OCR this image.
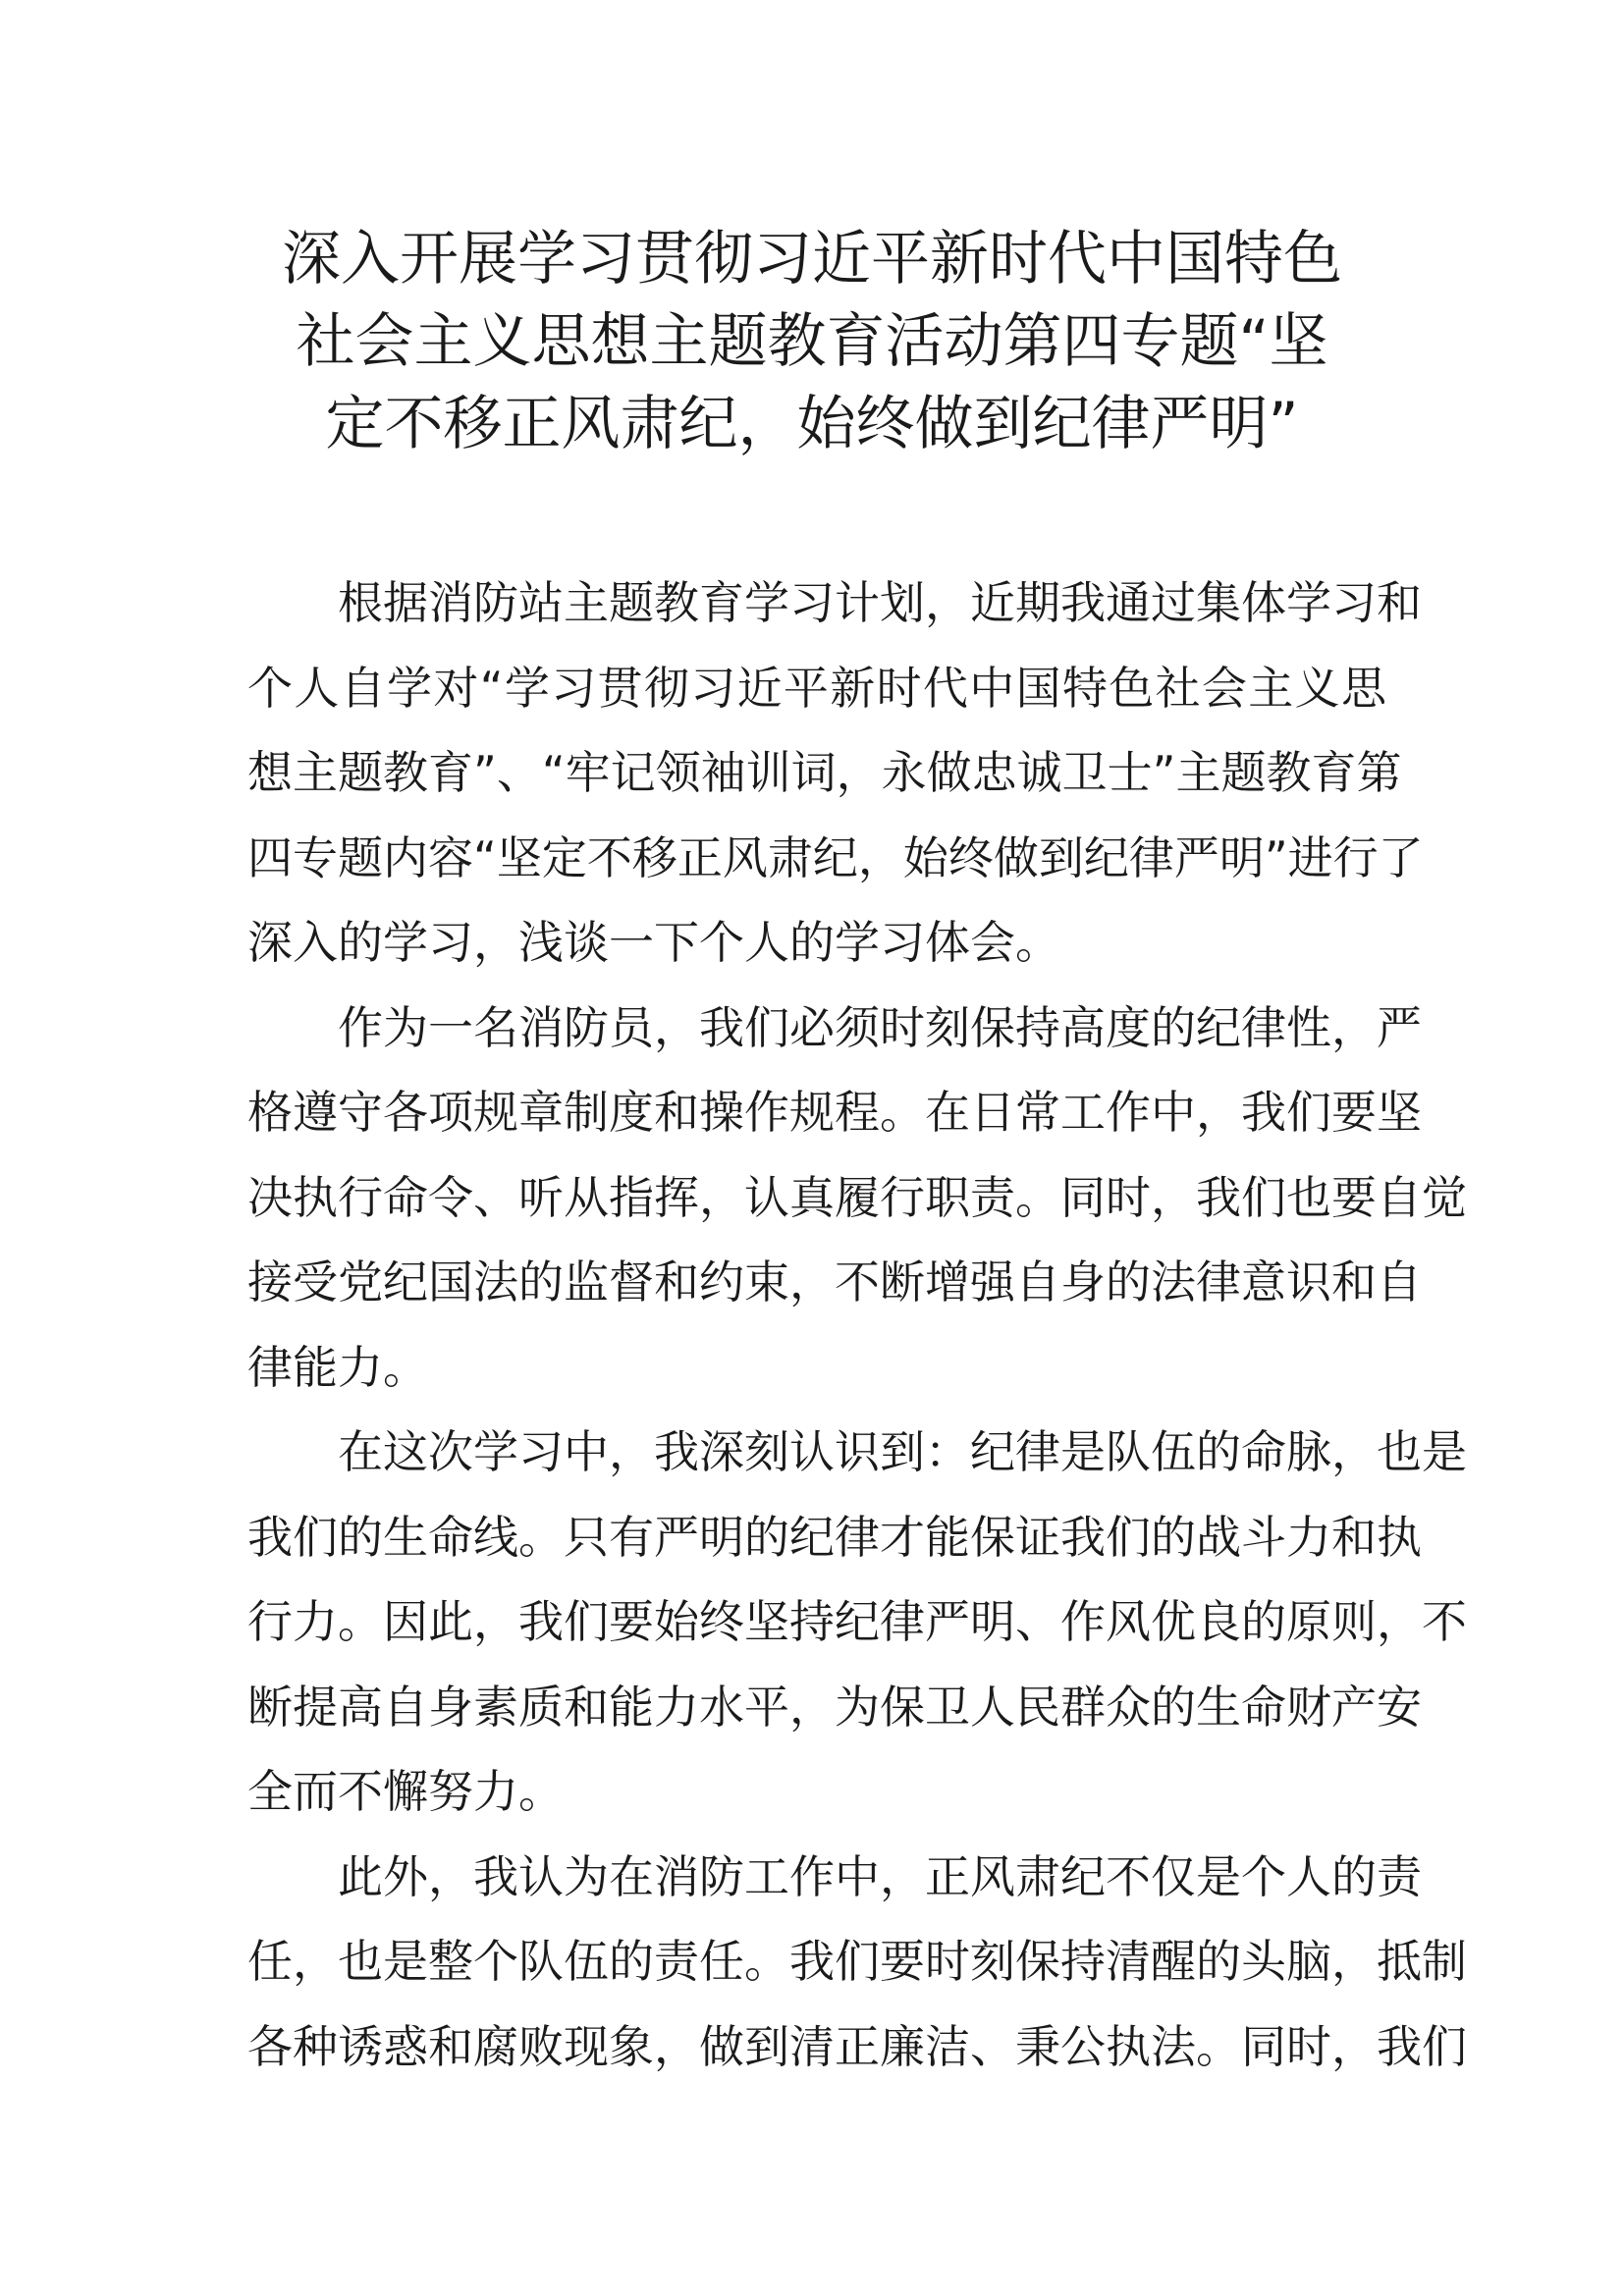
深入开展学习贯彻习近平新时代中国特色
社会主义思想主题教育活动第四专题“坚
定不移正风肃纪，始终做到纪律严明”

根据消防站主题教育学习计划，近期我通过集体学习和
个人自学对“学习贯彻习近平新时代中国特色社会主义思
想主题教育”、“牢记领袖训词，永做忠诚卫士”主题教育第
四专题内容“坚定不移正风肃纪，始终做到纪律严明”进行了
深入的学习，浅谈一下个人的学习体会。

作为一名消防员，我们必须时刻保持高度的纪律性，严
格遵守各项规章制度和操作规程。在日常工作中，我们要坚
决执行命令、听从指挥，认真履行职责。同时，我们也要自觉
接受党纪国法的监督和约束，不断增强自身的法律意识和自
律能力。

在这次学习中，我深刻认识到：纪律是队伍的命脉，也是
我们的生命线。只有严明的纪律才能保证我们的战斗力和执
行力。因此，我们要始终坚持纪律严明、作风优良的原则，不
断提高自身素质和能力水平，为保卫人民群众的生命财产安
全而不懈努力。

此外，我认为在消防工作中，正风肃纪不仅是个人的责
任，也是整个队伍的责任。我们要时刻保持清醒的头脑，抵制
各种诱惑和腐败现象，做到清正廉洁、秉公执法。同时，我们
